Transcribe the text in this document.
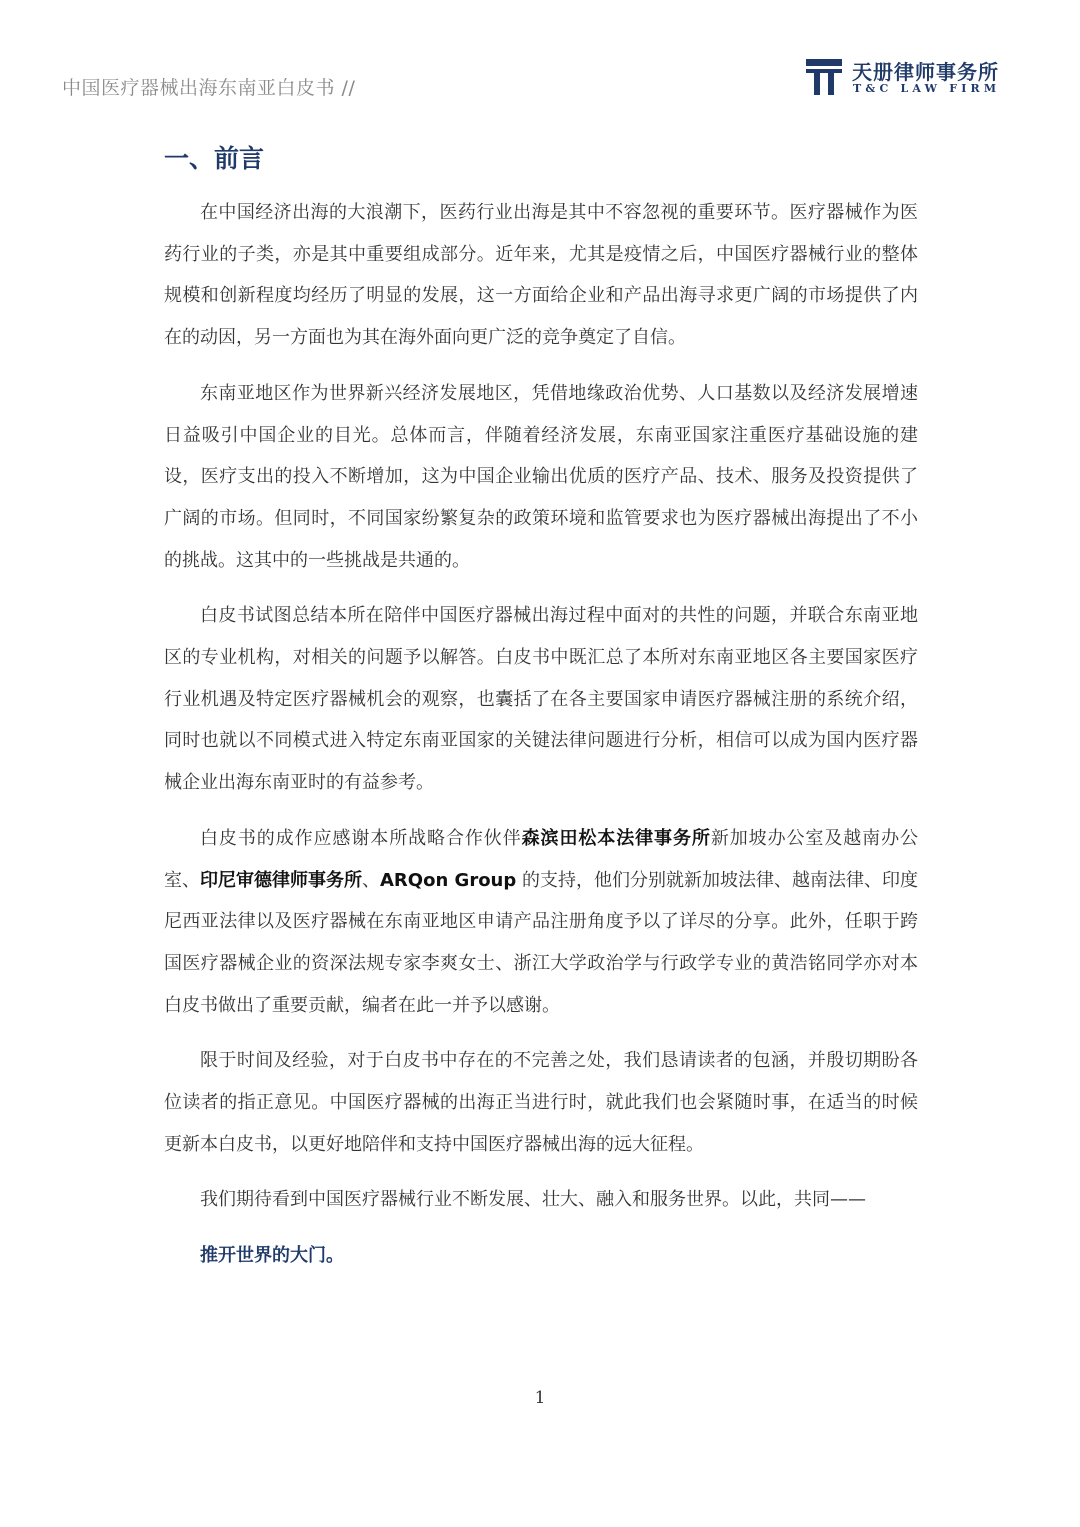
中国医疗器械出海东南亚白皮书 //
天册律师事务所
T&C LAW FIRM
一、前言

在中国经济出海的大浪潮下，医药行业出海是其中不容忽视的重要环节。医疗器械作为医药行业的子类，亦是其中重要组成部分。近年来，尤其是疫情之后，中国医疗器械行业的整体规模和创新程度均经历了明显的发展，这一方面给企业和产品出海寻求更广阔的市场提供了内在的动因，另一方面也为其在海外面向更广泛的竞争奠定了自信。

东南亚地区作为世界新兴经济发展地区，凭借地缘政治优势、人口基数以及经济发展增速日益吸引中国企业的目光。总体而言，伴随着经济发展，东南亚国家注重医疗基础设施的建设，医疗支出的投入不断增加，这为中国企业输出优质的医疗产品、技术、服务及投资提供了广阔的市场。但同时，不同国家纷繁复杂的政策环境和监管要求也为医疗器械出海提出了不小的挑战。这其中的一些挑战是共通的。

白皮书试图总结本所在陪伴中国医疗器械出海过程中面对的共性的问题，并联合东南亚地区的专业机构，对相关的问题予以解答。白皮书中既汇总了本所对东南亚地区各主要国家医疗行业机遇及特定医疗器械机会的观察，也囊括了在各主要国家申请医疗器械注册的系统介绍，同时也就以不同模式进入特定东南亚国家的关键法律问题进行分析，相信可以成为国内医疗器械企业出海东南亚时的有益参考。

白皮书的成作应感谢本所战略合作伙伴森滨田松本法律事务所新加坡办公室及越南办公室、印尼审德律师事务所、ARQon Group 的支持，他们分别就新加坡法律、越南法律、印度尼西亚法律以及医疗器械在东南亚地区申请产品注册角度予以了详尽的分享。此外，任职于跨国医疗器械企业的资深法规专家李爽女士、浙江大学政治学与行政学专业的黄浩铭同学亦对本白皮书做出了重要贡献，编者在此一并予以感谢。

限于时间及经验，对于白皮书中存在的不完善之处，我们恳请读者的包涵，并殷切期盼各位读者的指正意见。中国医疗器械的出海正当进行时，就此我们也会紧随时事，在适当的时候更新本白皮书，以更好地陪伴和支持中国医疗器械出海的远大征程。

我们期待看到中国医疗器械行业不断发展、壮大、融入和服务世界。以此，共同——

推开世界的大门。
1
